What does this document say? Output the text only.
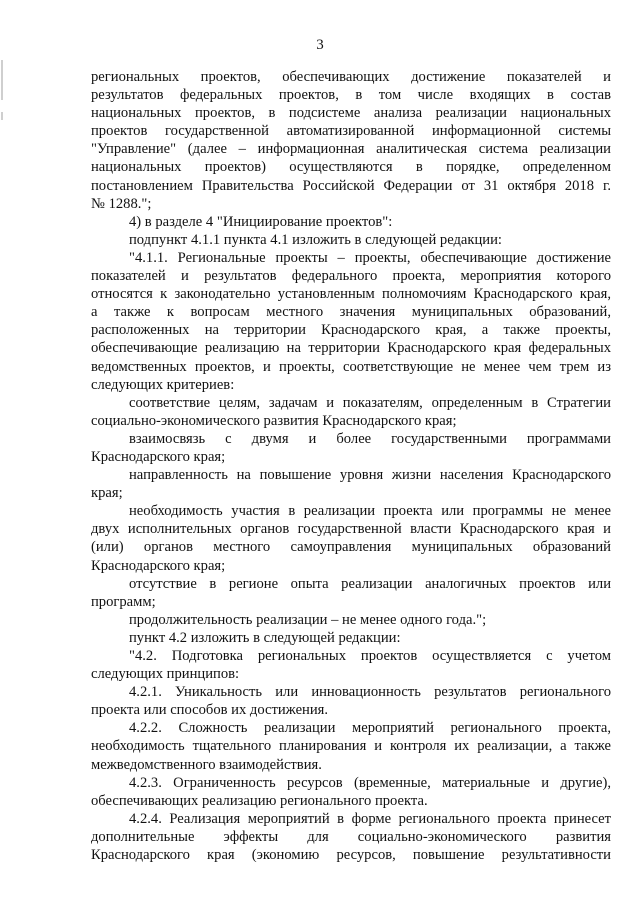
3
региональных проектов, обеспечивающих достижение показателей и
результатов федеральных проектов, в том числе входящих в состав
национальных проектов, в подсистеме анализа реализации национальных
проектов государственной автоматизированной информационной системы
"Управление" (далее – информационная аналитическая система реализации
национальных проектов) осуществляются в порядке, определенном
постановлением Правительства Российской Федерации от 31 октября 2018 г.
№ 1288.";
4) в разделе 4 "Инициирование проектов":
подпункт 4.1.1 пункта 4.1 изложить в следующей редакции:
"4.1.1. Региональные проекты – проекты, обеспечивающие достижение
показателей и результатов федерального проекта, мероприятия которого
относятся к законодательно установленным полномочиям Краснодарского края,
а также к вопросам местного значения муниципальных образований,
расположенных на территории Краснодарского края, а также проекты,
обеспечивающие реализацию на территории Краснодарского края федеральных
ведомственных проектов, и проекты, соответствующие не менее чем трем из
следующих критериев:
соответствие целям, задачам и показателям, определенным в Стратегии
социально-экономического развития Краснодарского края;
взаимосвязь с двумя и более государственными программами
Краснодарского края;
направленность на повышение уровня жизни населения Краснодарского
края;
необходимость участия в реализации проекта или программы не менее
двух исполнительных органов государственной власти Краснодарского края и
(или) органов местного самоуправления муниципальных образований
Краснодарского края;
отсутствие в регионе опыта реализации аналогичных проектов или
программ;
продолжительность реализации – не менее одного года.";
пункт 4.2 изложить в следующей редакции:
"4.2. Подготовка региональных проектов осуществляется с учетом
следующих принципов:
4.2.1. Уникальность или инновационность результатов регионального
проекта или способов их достижения.
4.2.2. Сложность реализации мероприятий регионального проекта,
необходимость тщательного планирования и контроля их реализации, а также
межведомственного взаимодействия.
4.2.3. Ограниченность ресурсов (временные, материальные и другие),
обеспечивающих реализацию регионального проекта.
4.2.4. Реализация мероприятий в форме регионального проекта принесет
дополнительные эффекты для социально-экономического развития
Краснодарского края (экономию ресурсов, повышение результативности
